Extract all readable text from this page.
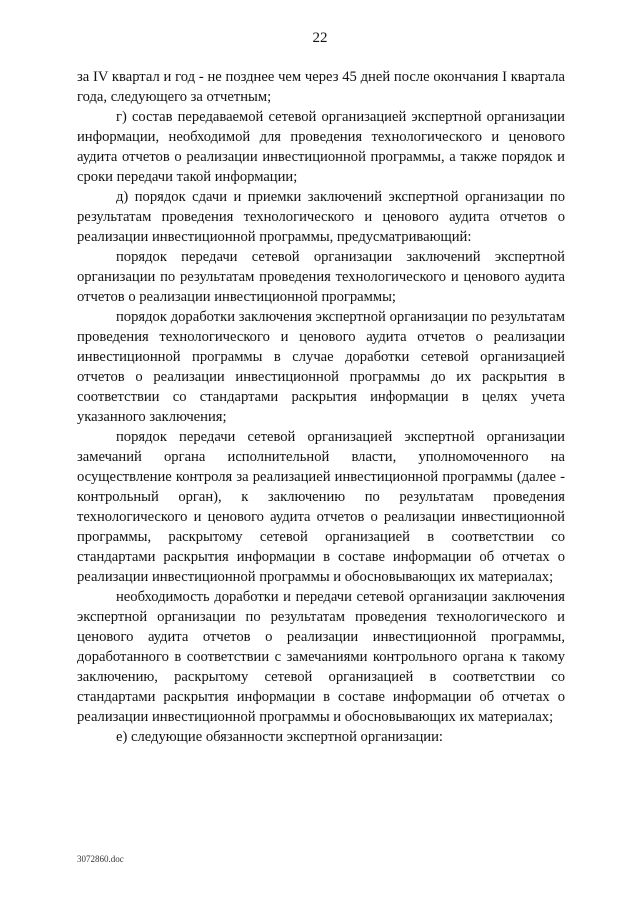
22

за IV квартал и год - не позднее чем через 45 дней после окончания I квартала года, следующего за отчетным;

г) состав передаваемой сетевой организацией экспертной организации информации, необходимой для проведения технологического и ценового аудита отчетов о реализации инвестиционной программы, а также порядок и сроки передачи такой информации;

д) порядок сдачи и приемки заключений экспертной организации по результатам проведения технологического и ценового аудита отчетов о реализации инвестиционной программы, предусматривающий:

порядок передачи сетевой организации заключений экспертной организации по результатам проведения технологического и ценового аудита отчетов о реализации инвестиционной программы;

порядок доработки заключения экспертной организации по результатам проведения технологического и ценового аудита отчетов о реализации инвестиционной программы в случае доработки сетевой организацией отчетов о реализации инвестиционной программы до их раскрытия в соответствии со стандартами раскрытия информации в целях учета указанного заключения;

порядок передачи сетевой организацией экспертной организации замечаний органа исполнительной власти, уполномоченного на осуществление контроля за реализацией инвестиционной программы (далее - контрольный орган), к заключению по результатам проведения технологического и ценового аудита отчетов о реализации инвестиционной программы, раскрытому сетевой организацией в соответствии со стандартами раскрытия информации в составе информации об отчетах о реализации инвестиционной программы и обосновывающих их материалах;

необходимость доработки и передачи сетевой организации заключения экспертной организации по результатам проведения технологического и ценового аудита отчетов о реализации инвестиционной программы, доработанного в соответствии с замечаниями контрольного органа к такому заключению, раскрытому сетевой организацией в соответствии со стандартами раскрытия информации в составе информации об отчетах о реализации инвестиционной программы и обосновывающих их материалах;

е) следующие обязанности экспертной организации:

3072860.doc
